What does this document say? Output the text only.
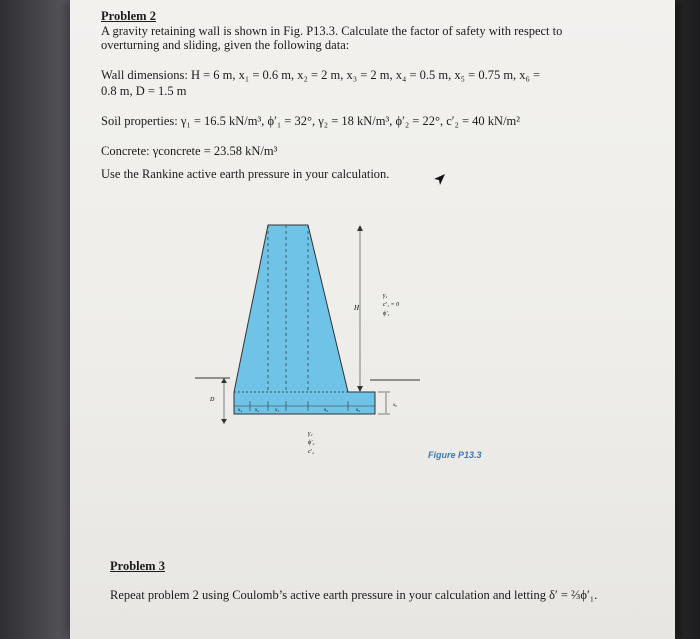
Problem 2
A gravity retaining wall is shown in Fig. P13.3. Calculate the factor of safety with respect to
overturning and sliding, given the following data:
Wall dimensions: H = 6 m, x₁ = 0.6 m, x₂ = 2 m, x₃ = 2 m, x₄ = 0.5 m, x₅ = 0.75 m, x₆ =
0.8 m, D = 1.5 m
Soil properties: γ₁ = 16.5 kN/m³, ϕ′₁ = 32°, γ₂ = 18 kN/m³, ϕ′₂ = 22°, c′₂ = 40 kN/m²
Concrete: γconcrete = 23.58 kN/m³
Use the Rankine active earth pressure in your calculation.
H
γ₁
c′₁ = 0
ϕ′₁
D
x₄	x₂	x₁	x₃	x₅
x₆
γ₂
ϕ′₂
c′₂	Figure P13.3
Problem 3
Repeat problem 2 using Coulomb’s active earth pressure in your calculation and letting δ′ = ⅔ϕ′₁.
